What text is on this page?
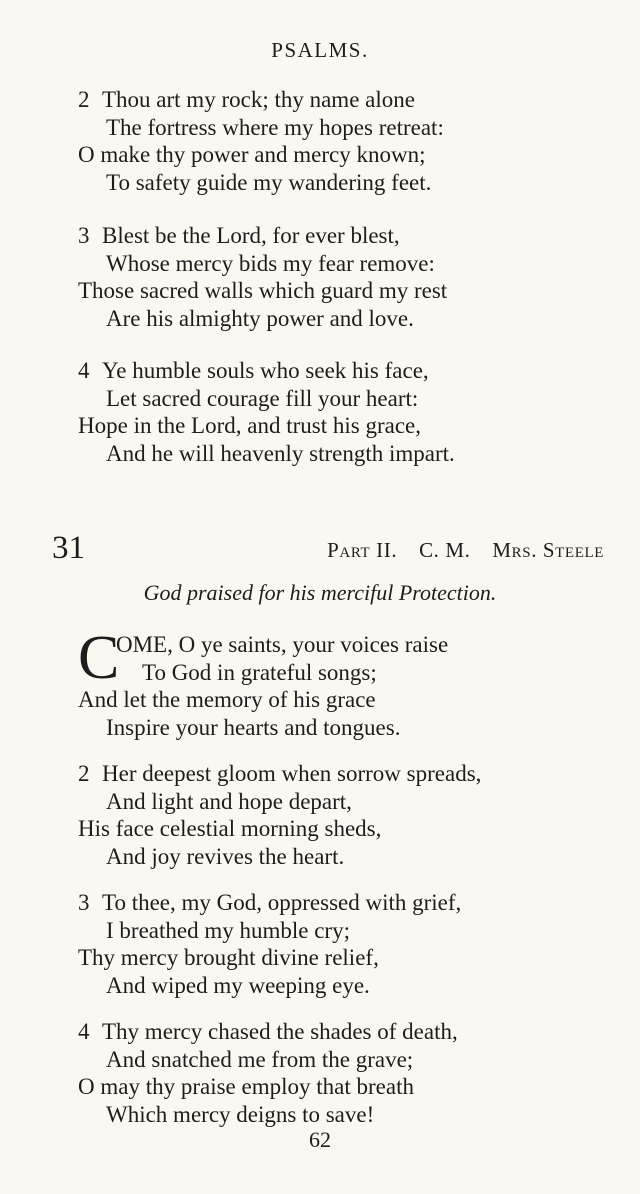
PSALMS.
2 Thou art my rock; thy name alone
The fortress where my hopes retreat:
O make thy power and mercy known;
To safety guide my wandering feet.
3 Blest be the Lord, for ever blest,
Whose mercy bids my fear remove:
Those sacred walls which guard my rest
Are his almighty power and love.
4 Ye humble souls who seek his face,
Let sacred courage fill your heart:
Hope in the Lord, and trust his grace,
And he will heavenly strength impart.
31	Part II. C. M. Mrs. Steele
God praised for his merciful Protection.
C
OME, O ye saints, your voices raise
To God in grateful songs;
And let the memory of his grace
Inspire your hearts and tongues.
2 Her deepest gloom when sorrow spreads,
And light and hope depart,
His face celestial morning sheds,
And joy revives the heart.
3 To thee, my God, oppressed with grief,
I breathed my humble cry;
Thy mercy brought divine relief,
And wiped my weeping eye.
4 Thy mercy chased the shades of death,
And snatched me from the grave;
O may thy praise employ that breath
Which mercy deigns to save!
62
